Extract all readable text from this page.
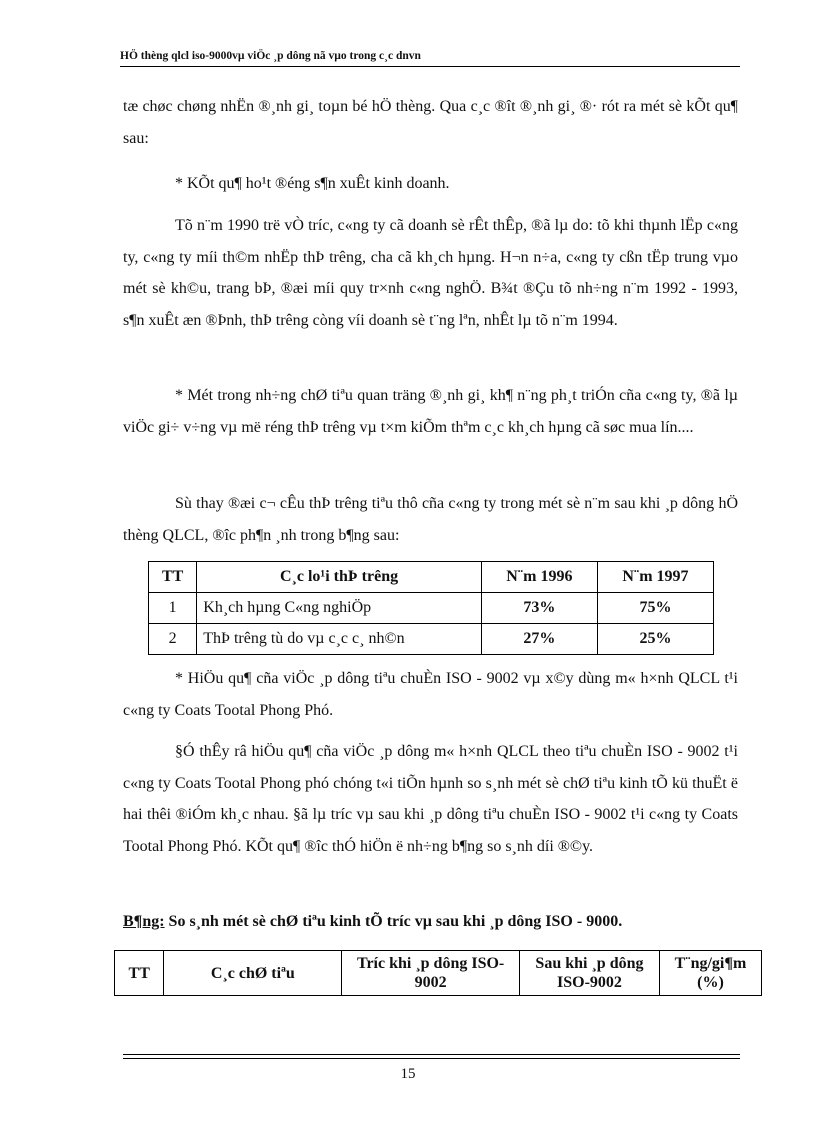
HÖ thèng qlcl iso-9000vµ viÖc ¸p dông nã vµo trong c¸c dnvn

tæ chøc chøng nhËn ®¸nh gi¸ toµn bé hÖ thèng. Qua c¸c ®ît ®¸nh gi¸ ®· rót ra mét sè kÕt qu¶ sau:

* KÕt qu¶ ho¹t ®éng s¶n xuÊt kinh doanh.

Tõ n¨m 1990 trë vÒ tríc, c«ng ty cã doanh sè rÊt thÊp, ®ã lµ do: tõ khi thµnh lËp c«ng ty, c«ng ty míi th©m nhËp thÞ trêng, cha cã kh¸ch hµng. H¬n n÷a, c«ng ty cßn tËp trung vµo mét sè kh©u, trang bÞ, ®æi míi quy tr×nh c«ng nghÖ. B¾t ®Çu tõ nh÷ng n¨m 1992 - 1993, s¶n xuÊt æn ®Þnh, thÞ trêng còng víi doanh sè t¨ng lªn, nhÊt lµ tõ n¨m 1994.

* Mét trong nh÷ng chØ tiªu quan träng ®¸nh gi¸ kh¶ n¨ng ph¸t triÓn cña c«ng ty, ®ã lµ viÖc gi÷ v÷ng vµ më réng thÞ trêng vµ t×m kiÕm thªm c¸c kh¸ch hµng cã søc mua lín....

Sù thay ®æi c¬ cÊu thÞ trêng tiªu thô cña c«ng ty trong mét sè n¨m sau khi ¸p dông hÖ thèng QLCL, ®îc ph¶n ¸nh trong b¶ng sau:

TT	C¸c lo¹i thÞ trêng	N¨m 1996	N¨m 1997
1	Kh¸ch hµng C«ng nghiÖp	73%	75%
2	ThÞ trêng tù do vµ c¸c c¸ nh©n	27%	25%

* HiÖu qu¶ cña viÖc ¸p dông tiªu chuÈn ISO - 9002 vµ x©y dùng m« h×nh QLCL t¹i c«ng ty Coats Tootal Phong Phó.

§Ó thÊy râ hiÖu qu¶ cña viÖc ¸p dông m« h×nh QLCL theo tiªu chuÈn ISO - 9002 t¹i c«ng ty Coats Tootal Phong phó chóng t«i tiÕn hµnh so s¸nh mét sè chØ tiªu kinh tÕ kü thuËt ë hai thêi ®iÓm kh¸c nhau. §ã lµ tríc vµ sau khi ¸p dông tiªu chuÈn ISO - 9002 t¹i c«ng ty Coats Tootal Phong Phó. KÕt qu¶ ®îc thÓ hiÖn ë nh÷ng b¶ng so s¸nh díi ®©y.

B¶ng: So s¸nh mét sè chØ tiªu kinh tÕ tríc vµ sau khi ¸p dông ISO - 9000.
TT	C¸c chØ tiªu	Tríc khi ¸p dông ISO-9002	Sau khi ¸p dông ISO-9002	T¨ng/gi¶m (%)
15
